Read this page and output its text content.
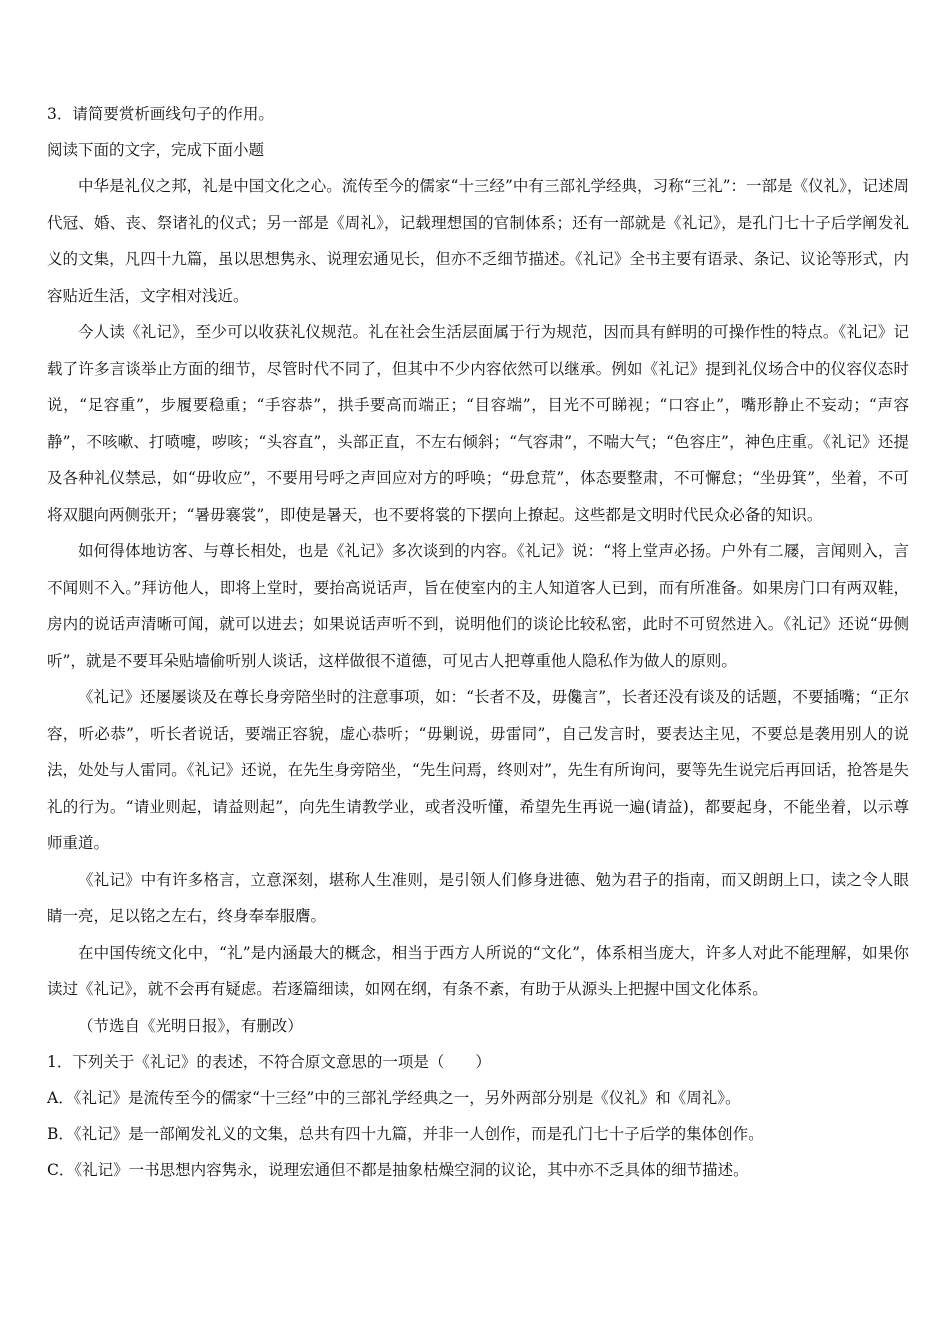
3．请简要赏析画线句子的作用。

阅读下面的文字，完成下面小题

中华是礼仪之邦，礼是中国文化之心。流传至今的儒家“十三经”中有三部礼学经典，习称“三礼”：一部是《仪礼》，记述周代冠、婚、丧、祭诸礼的仪式；另一部是《周礼》，记载理想国的官制体系；还有一部就是《礼记》，是孔门七十子后学阐发礼义的文集，凡四十九篇，虽以思想隽永、说理宏通见长，但亦不乏细节描述。《礼记》全书主要有语录、条记、议论等形式，内容贴近生活，文字相对浅近。

今人读《礼记》，至少可以收获礼仪规范。礼在社会生活层面属于行为规范，因而具有鲜明的可操作性的特点。《礼记》记载了许多言谈举止方面的细节，尽管时代不同了，但其中不少内容依然可以继承。例如《礼记》提到礼仪场合中的仪容仪态时说，“足容重”，步履要稳重；“手容恭”，拱手要高而端正；“目容端”，目光不可睇视；“口容止”，嘴形静止不妄动；“声容静”，不咳嗽、打喷嚏，哕咳；“头容直”，头部正直，不左右倾斜；“气容肃”，不喘大气；“色容庄”，神色庄重。《礼记》还提及各种礼仪禁忌，如“毋收应”，不要用号呼之声回应对方的呼唤；“毋怠荒”，体态要整肃，不可懈怠；“坐毋箕”，坐着，不可将双腿向两侧张开；“暑毋褰裳”，即使是暑天，也不要将裳的下摆向上撩起。这些都是文明时代民众必备的知识。

如何得体地访客、与尊长相处，也是《礼记》多次谈到的内容。《礼记》说：“将上堂声必扬。户外有二屦，言闻则入，言不闻则不入。”拜访他人，即将上堂时，要抬高说话声，旨在使室内的主人知道客人已到，而有所准备。如果房门口有两双鞋，房内的说话声清晰可闻，就可以进去；如果说话声听不到，说明他们的谈论比较私密，此时不可贸然进入。《礼记》还说“毋侧听”，就是不要耳朵贴墙偷听别人谈话，这样做很不道德，可见古人把尊重他人隐私作为做人的原则。

《礼记》还屡屡谈及在尊长身旁陪坐时的注意事项，如：“长者不及，毋儳言”，长者还没有谈及的话题，不要插嘴；“正尔容，听必恭”，听长者说话，要端正容貌，虚心恭听；“毋剿说，毋雷同”，自己发言时，要表达主见，不要总是袭用别人的说法，处处与人雷同。《礼记》还说，在先生身旁陪坐，“先生问焉，终则对”，先生有所询问，要等先生说完后再回话，抢答是失礼的行为。“请业则起，请益则起”，向先生请教学业，或者没听懂，希望先生再说一遍(请益)，都要起身，不能坐着，以示尊师重道。

《礼记》中有许多格言，立意深刻，堪称人生准则，是引领人们修身进德、勉为君子的指南，而又朗朗上口，读之令人眼睛一亮，足以铭之左右，终身奉奉服膺。

在中国传统文化中，“礼”是内涵最大的概念，相当于西方人所说的“文化”，体系相当庞大，许多人对此不能理解，如果你读过《礼记》，就不会再有疑虑。若逐篇细读，如网在纲，有条不紊，有助于从源头上把握中国文化体系。

（节选自《光明日报》，有删改）

1．下列关于《礼记》的表述，不符合原文意思的一项是（　　）

A．《礼记》是流传至今的儒家“十三经”中的三部礼学经典之一，另外两部分别是《仪礼》和《周礼》。

B．《礼记》是一部阐发礼义的文集，总共有四十九篇，并非一人创作，而是孔门七十子后学的集体创作。

C．《礼记》一书思想内容隽永，说理宏通但不都是抽象枯燥空洞的议论，其中亦不乏具体的细节描述。
